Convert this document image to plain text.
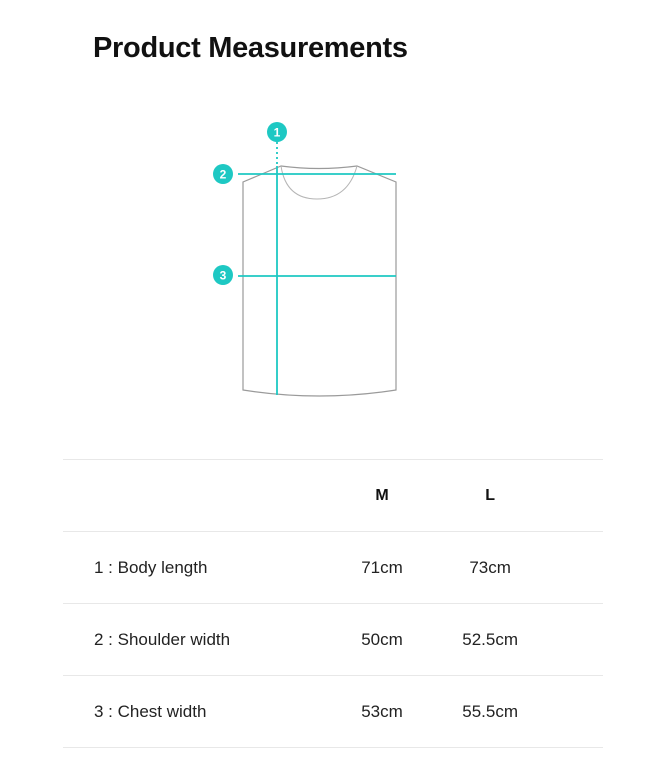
Product Measurements
1
2
3
	M	L	
1 : Body length	71cm	73cm	
2 : Shoulder width	50cm	52.5cm	
3 : Chest width	53cm	55.5cm	
